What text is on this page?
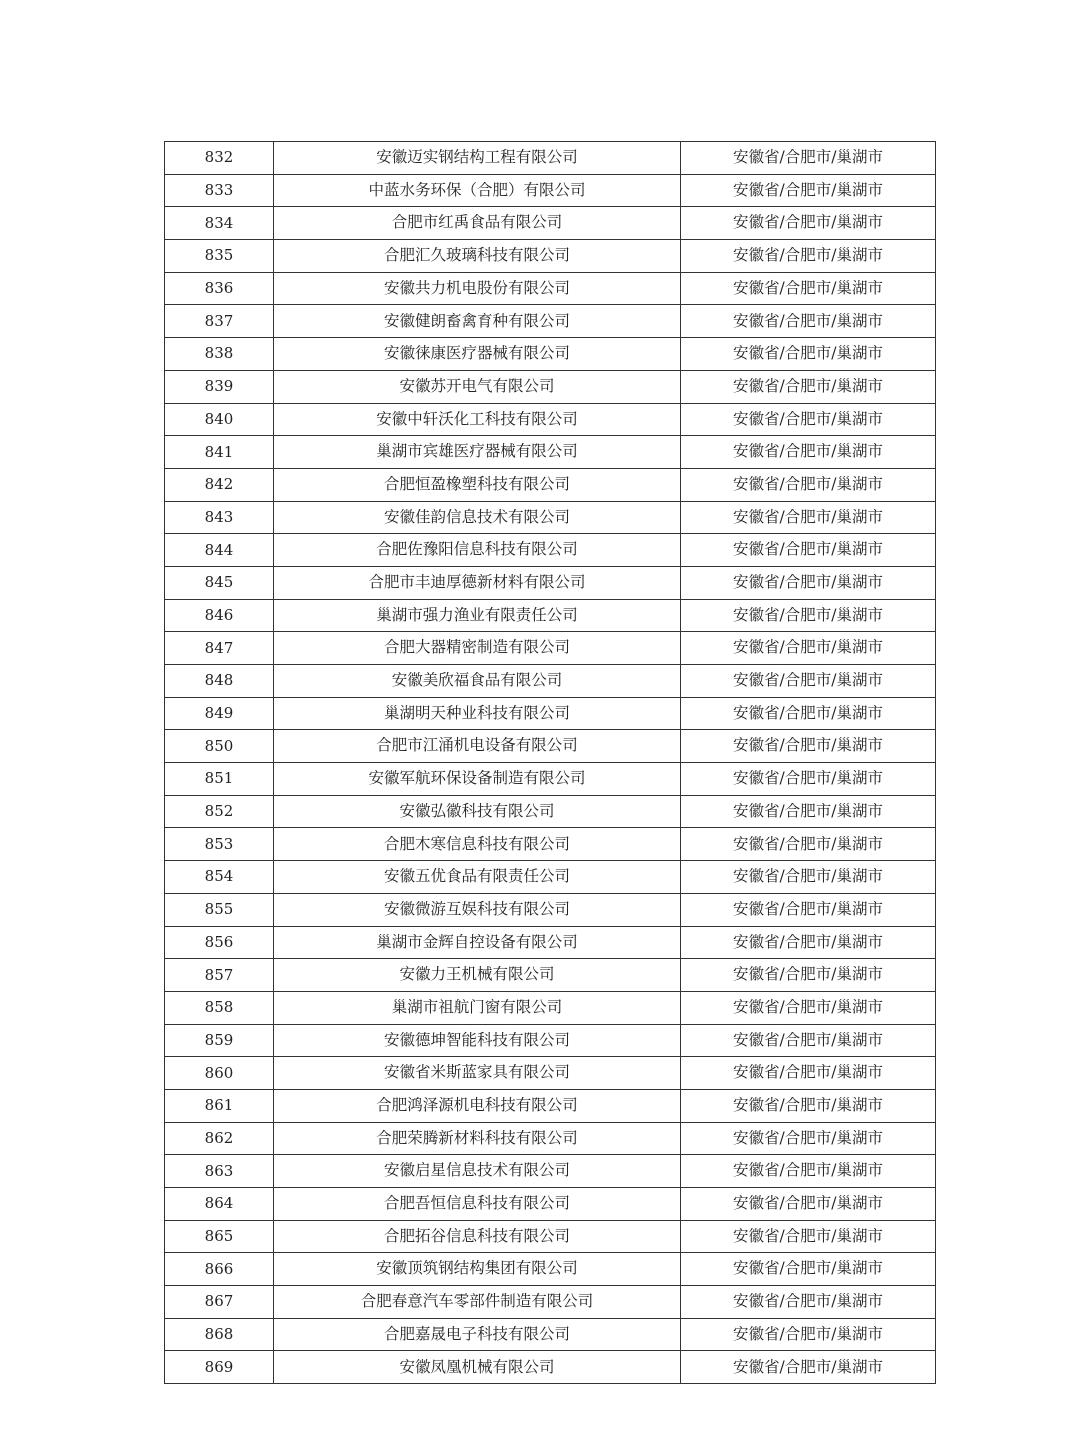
832	安徽迈实钢结构工程有限公司	安徽省/合肥市/巢湖市
833	中蓝水务环保（合肥）有限公司	安徽省/合肥市/巢湖市
834	合肥市红禹食品有限公司	安徽省/合肥市/巢湖市
835	合肥汇久玻璃科技有限公司	安徽省/合肥市/巢湖市
836	安徽共力机电股份有限公司	安徽省/合肥市/巢湖市
837	安徽健朗畜禽育种有限公司	安徽省/合肥市/巢湖市
838	安徽徕康医疗器械有限公司	安徽省/合肥市/巢湖市
839	安徽苏开电气有限公司	安徽省/合肥市/巢湖市
840	安徽中轩沃化工科技有限公司	安徽省/合肥市/巢湖市
841	巢湖市宾雄医疗器械有限公司	安徽省/合肥市/巢湖市
842	合肥恒盈橡塑科技有限公司	安徽省/合肥市/巢湖市
843	安徽佳韵信息技术有限公司	安徽省/合肥市/巢湖市
844	合肥佐豫阳信息科技有限公司	安徽省/合肥市/巢湖市
845	合肥市丰迪厚德新材料有限公司	安徽省/合肥市/巢湖市
846	巢湖市强力渔业有限责任公司	安徽省/合肥市/巢湖市
847	合肥大器精密制造有限公司	安徽省/合肥市/巢湖市
848	安徽美欣福食品有限公司	安徽省/合肥市/巢湖市
849	巢湖明天种业科技有限公司	安徽省/合肥市/巢湖市
850	合肥市江涌机电设备有限公司	安徽省/合肥市/巢湖市
851	安徽军航环保设备制造有限公司	安徽省/合肥市/巢湖市
852	安徽弘徽科技有限公司	安徽省/合肥市/巢湖市
853	合肥木寒信息科技有限公司	安徽省/合肥市/巢湖市
854	安徽五优食品有限责任公司	安徽省/合肥市/巢湖市
855	安徽微游互娱科技有限公司	安徽省/合肥市/巢湖市
856	巢湖市金辉自控设备有限公司	安徽省/合肥市/巢湖市
857	安徽力王机械有限公司	安徽省/合肥市/巢湖市
858	巢湖市祖航门窗有限公司	安徽省/合肥市/巢湖市
859	安徽德坤智能科技有限公司	安徽省/合肥市/巢湖市
860	安徽省米斯蓝家具有限公司	安徽省/合肥市/巢湖市
861	合肥鸿泽源机电科技有限公司	安徽省/合肥市/巢湖市
862	合肥荣腾新材料科技有限公司	安徽省/合肥市/巢湖市
863	安徽启星信息技术有限公司	安徽省/合肥市/巢湖市
864	合肥吾恒信息科技有限公司	安徽省/合肥市/巢湖市
865	合肥拓谷信息科技有限公司	安徽省/合肥市/巢湖市
866	安徽顶筑钢结构集团有限公司	安徽省/合肥市/巢湖市
867	合肥春意汽车零部件制造有限公司	安徽省/合肥市/巢湖市
868	合肥嘉晟电子科技有限公司	安徽省/合肥市/巢湖市
869	安徽凤凰机械有限公司	安徽省/合肥市/巢湖市
